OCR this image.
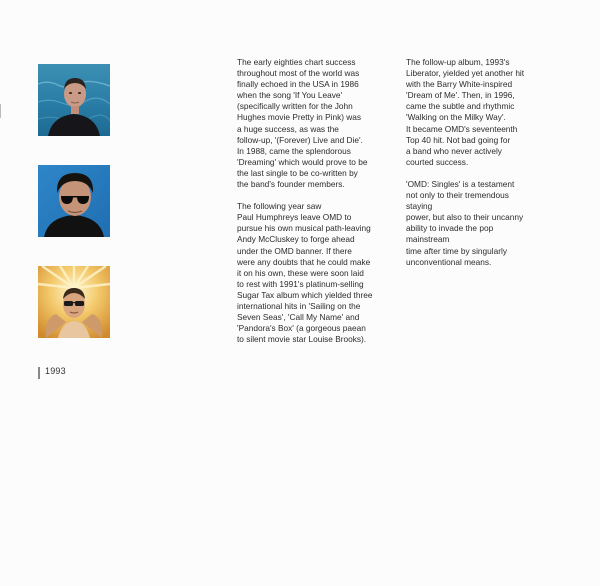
1993

The early eighties chart success
throughout most of the world was
finally echoed in the USA in 1986
when the song 'If You Leave'
(specifically written for the John
Hughes movie Pretty in Pink) was
a huge success, as was the
follow-up, '(Forever) Live and Die'.
In 1988, came the splendorous
'Dreaming' which would prove to be
the last single to be co-written by
the band's founder members.

The following year saw
Paul Humphreys leave OMD to
pursue his own musical path-leaving
Andy McCluskey to forge ahead
under the OMD banner. If there
were any doubts that he could make
it on his own, these were soon laid
to rest with 1991's platinum-selling
Sugar Tax album which yielded three
international hits in 'Sailing on the
Seven Seas', 'Call My Name' and
'Pandora's Box' (a gorgeous paean
to silent movie star Louise Brooks).

The follow-up album, 1993's
Liberator, yielded yet another hit
with the Barry White-inspired
'Dream of Me'. Then, in 1996,
came the subtle and rhythmic
'Walking on the Milky Way'.
It became OMD's seventeenth
Top 40 hit. Not bad going for
a band who never actively
courted success.

'OMD: Singles' is a testament
not only to their tremendous staying
power, but also to their uncanny
ability to invade the pop mainstream
time after time by singularly
unconventional means.
